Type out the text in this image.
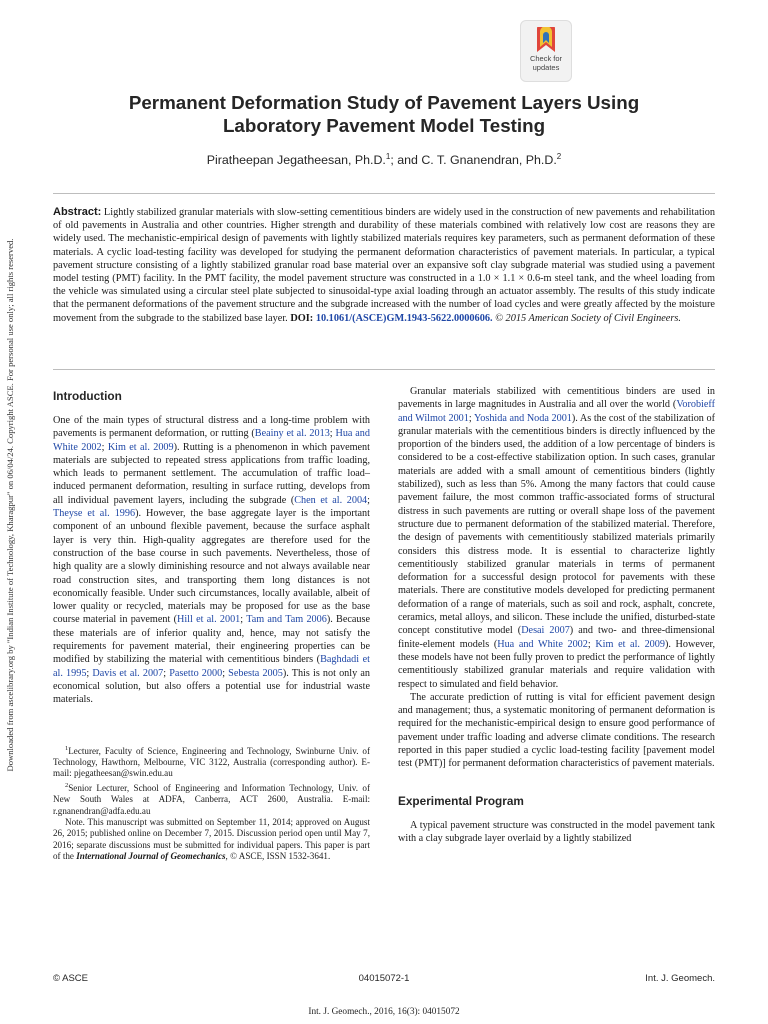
Downloaded from ascelibrary.org by "Indian Institute of Technology, Kharagpur" on 06/04/24. Copyright ASCE. For personal use only; all rights reserved.
Check for
updates
Permanent Deformation Study of Pavement Layers Using
Laboratory Pavement Model Testing
Piratheepan Jegatheesan, Ph.D.$^1$; and C. T. Gnanendran, Ph.D.$^2$

Abstract: Lightly stabilized granular materials with slow-setting cementitious binders are widely used in the construction of new pavements and rehabilitation of old pavements in Australia and other countries. Higher strength and durability of these materials combined with relatively low cost are reasons they are widely used. The mechanistic-empirical design of pavements with lightly stabilized materials requires key parameters, such as permanent deformation of these materials. A cyclic load-testing facility was developed for studying the permanent deformation characteristics of pavement materials. In particular, a typical pavement structure consisting of a lightly stabilized granular road base material over an expansive soft clay subgrade material was studied using a pavement model testing (PMT) facility. In the PMT facility, the model pavement structure was constructed in a 1.0 × 1.1 × 0.6-m steel tank, and the wheel loading from the vehicle was simulated using a circular steel plate subjected to sinusoidal-type axial loading through an actuator assembly. The results of this study indicate that the permanent deformations of the pavement structure and the subgrade increased with the number of load cycles and were greatly affected by the moisture movement from the subgrade to the stabilized base layer. DOI: 10.1061/(ASCE)GM.1943-5622.0000606. © 2015 American Society of Civil Engineers.

Introduction

One of the main types of structural distress and a long-time problem with pavements is permanent deformation, or rutting (Beainy et al. 2013; Hua and White 2002; Kim et al. 2009). Rutting is a phenomenon in which pavement materials are subjected to repeated stress applications from traffic loading, which leads to permanent settlement. The accumulation of traffic load–induced permanent deformation, resulting in surface rutting, develops from all individual pavement layers, including the subgrade (Chen et al. 2004; Theyse et al. 1996). However, the base aggregate layer is the important component of an unbound flexible pavement, because the surface asphalt layer is very thin. High-quality aggregates are therefore used for the construction of the base course in such pavements. Nevertheless, those of high quality are a slowly diminishing resource and not always available near road construction sites, and transporting them long distances is not economically feasible. Under such circumstances, locally available, albeit of lower quality or recycled, materials may be proposed for use as the base course material in pavement (Hill et al. 2001; Tam and Tam 2006). Because these materials are of inferior quality and, hence, may not satisfy the requirements for pavement material, their engineering properties can be modified by stabilizing the material with cementitious binders (Baghdadi et al. 1995; Davis et al. 2007; Pasetto 2000; Sebesta 2005). This is not only an economical solution, but also offers a potential use for industrial waste materials.

$^1$Lecturer, Faculty of Science, Engineering and Technology, Swinburne Univ. of Technology, Hawthorn, Melbourne, VIC 3122, Australia (corresponding author). E-mail: pjegatheesan@swin.edu.au

$^2$Senior Lecturer, School of Engineering and Information Technology, Univ. of New South Wales at ADFA, Canberra, ACT 2600, Australia. E-mail: r.gnanendran@adfa.edu.au

Note. This manuscript was submitted on September 11, 2014; approved on August 26, 2015; published online on December 7, 2015. Discussion period open until May 7, 2016; separate discussions must be submitted for individual papers. This paper is part of the International Journal of Geomechanics, © ASCE, ISSN 1532-3641.

Granular materials stabilized with cementitious binders are used in pavements in large magnitudes in Australia and all over the world (Vorobieff and Wilmot 2001; Yoshida and Noda 2001). As the cost of the stabilization of granular materials with the cementitious binders is directly influenced by the proportion of the binders used, the addition of a low percentage of binders is considered to be a cost-effective stabilization option. In such cases, granular materials are added with a small amount of cementitious binders (lightly stabilized), such as less than 5%. Among the many factors that could cause pavement failure, the most common traffic-associated forms of structural distress in such pavements are rutting or overall shape loss of the pavement structure due to permanent deformation of the stabilized material. Therefore, the design of pavements with cementitiously stabilized materials primarily considers this distress mode. It is essential to characterize lightly cementitiously stabilized granular materials in terms of permanent deformation for a successful design protocol for pavements with these materials. There are constitutive models developed for predicting permanent deformation of a range of materials, such as soil and rock, asphalt, concrete, ceramics, metal alloys, and silicon. These include the unified, disturbed-state concept constitutive model (Desai 2007) and two- and three-dimensional finite-element models (Hua and White 2002; Kim et al. 2009). However, these models have not been fully proven to predict the performance of lightly cementitiously stabilized granular materials and require validation with respect to simulated and field behavior.

The accurate prediction of rutting is vital for efficient pavement design and management; thus, a systematic monitoring of permanent deformation is required for the mechanistic-empirical design to ensure good performance of pavement under traffic loading and adverse climate conditions. The research reported in this paper studied a cyclic load-testing facility [pavement model test (PMT)] for permanent deformation characteristics of pavement materials.

Experimental Program

A typical pavement structure was constructed in the model pavement tank with a clay subgrade layer overlaid by a lightly stabilized

© ASCE	04015072-1	Int. J. Geomech.
Int. J. Geomech., 2016, 16(3): 04015072
